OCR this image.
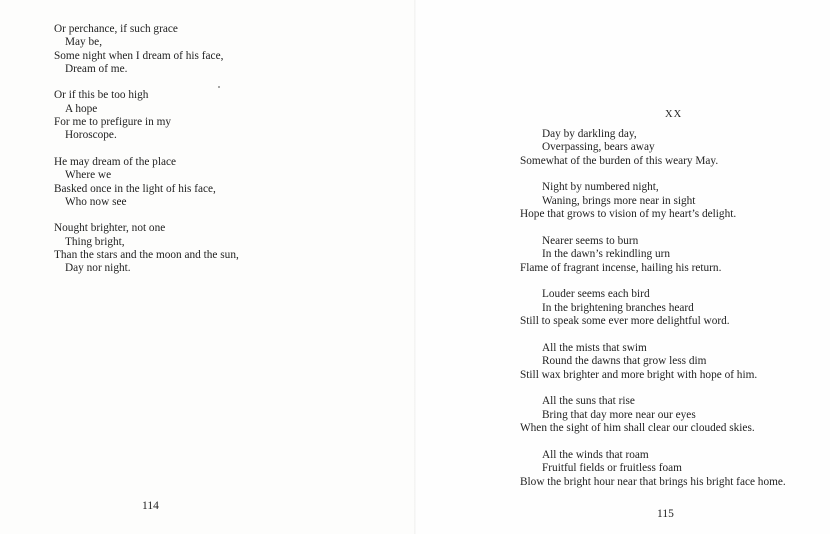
Or perchance, if such grace
May be,
Some night when I dream of his face,
Dream of me.
Or if this be too high
A hope
For me to prefigure in my
Horoscope.
He may dream of the place
Where we
Basked once in the light of his face,
Who now see
Nought brighter, not one
Thing bright,
Than the stars and the moon and the sun,
Day nor night.
114
XX
Day by darkling day,
Overpassing, bears away
Somewhat of the burden of this weary May.
Night by numbered night,
Waning, brings more near in sight
Hope that grows to vision of my heart’s delight.
Nearer seems to burn
In the dawn’s rekindling urn
Flame of fragrant incense, hailing his return.
Louder seems each bird
In the brightening branches heard
Still to speak some ever more delightful word.
All the mists that swim
Round the dawns that grow less dim
Still wax brighter and more bright with hope of him.
All the suns that rise
Bring that day more near our eyes
When the sight of him shall clear our clouded skies.
All the winds that roam
Fruitful fields or fruitless foam
Blow the bright hour near that brings his bright face home.
115
